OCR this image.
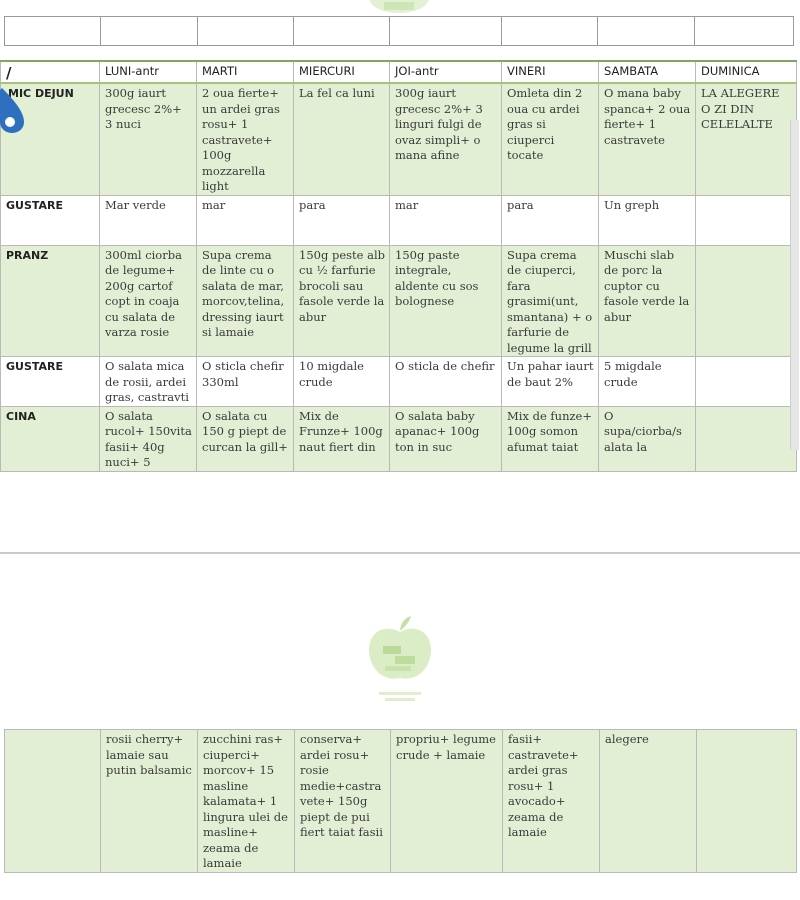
/	LUNI-antr	MARTI	MIERCURI	JOI-antr	VINERI	SAMBATA	DUMINICA
MIC DEJUN	300g iaurt grecesc 2%+ 3 nuci	2 oua fierte+ un ardei gras rosu+ 1 castravete+ 100g mozzarella light	La fel ca luni	300g iaurt grecesc 2%+ 3 linguri fulgi de ovaz simpli+ o mana afine	Omleta din 2 oua cu ardei gras si ciuperci tocate	O mana baby spanca+ 2 oua fierte+ 1 castravete	LA ALEGERE O ZI DIN CELELALTE
GUSTARE	Mar verde	mar	para	mar	para	Un greph	
PRANZ	300ml ciorba de legume+ 200g cartof copt in coaja cu salata de varza rosie	Supa crema de linte cu o salata de mar, morcov,telina, dressing iaurt si lamaie	150g peste alb cu ½ farfurie brocoli sau fasole verde la abur	150g paste integrale, aldente cu sos bolognese	Supa crema de ciuperci, fara grasimi(unt, smantana) + o farfurie de legume la grill	Muschi slab de porc la cuptor cu fasole verde la abur	
GUSTARE	O salata mica de rosii, ardei gras, castravti	O sticla chefir 330ml	10 migdale crude	O sticla de chefir	Un pahar iaurt de baut 2%	5 migdale crude	
CINA	O salata rucol+ 150vita fasii+ 40g nuci+ 5	O salata cu 150 g piept de curcan la gill+	Mix de Frunze+ 100g naut fiert din	O salata baby apanac+ 100g ton in suc	Mix de funze+ 100g somon afumat taiat	O supa/ciorba/s alata la	
	rosii cherry+ lamaie sau putin balsamic	zucchini ras+ ciuperci+ morcov+ 15 masline kalamata+ 1 lingura ulei de masline+ zeama de lamaie	conserva+ ardei rosu+ rosie medie+castra vete+ 150g piept de pui fiert taiat fasii	propriu+ legume crude + lamaie	fasii+ castravete+ ardei gras rosu+ 1 avocado+ zeama de lamaie	alegere	
